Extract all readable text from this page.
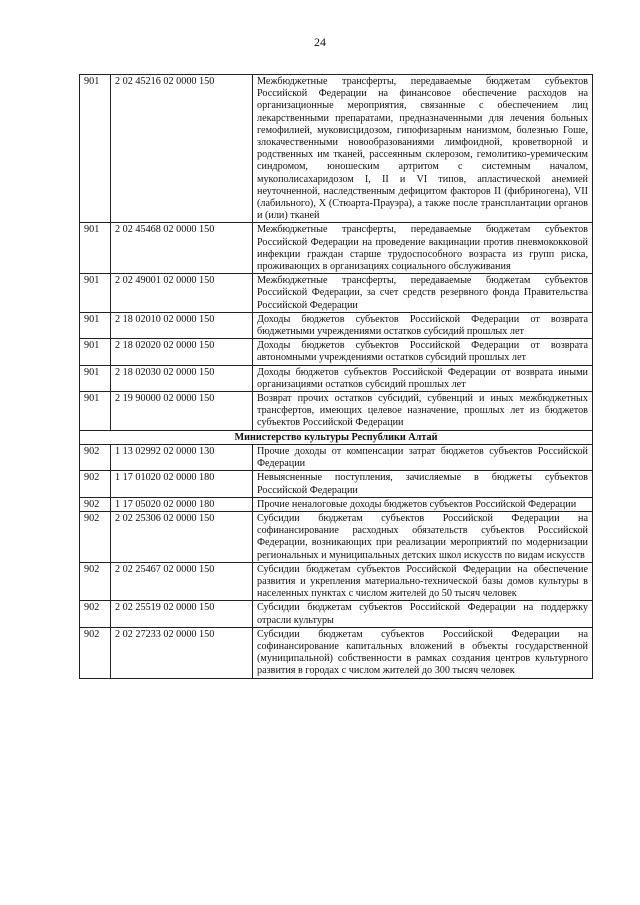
24
901	2 02 45216 02 0000 150	Межбюджетные трансферты, передаваемые бюджетам субъектов Российской Федерации на финансовое обеспечение расходов на организационные мероприятия, связанные с обеспечением лиц лекарственными препаратами, предназначенными для лечения больных гемофилией, муковисцидозом, гипофизарным нанизмом, болезнью Гоше, злокачественными новообразованиями лимфоидной, кроветворной и родственных им тканей, рассеянным склерозом, гемолитико-уремическим синдромом, юношеским артритом с системным началом, мукополисахаридозом I, II и VI типов, апластической анемией неуточненной, наследственным дефицитом факторов II (фибриногена), VII (лабильного), X (Стюарта-Прауэра), а также после трансплантации органов и (или) тканей
901	2 02 45468 02 0000 150	Межбюджетные трансферты, передаваемые бюджетам субъектов Российской Федерации на проведение вакцинации против пневмококковой инфекции граждан старше трудоспособного возраста из групп риска, проживающих в организациях социального обслуживания
901	2 02 49001 02 0000 150	Межбюджетные трансферты, передаваемые бюджетам субъектов Российской Федерации, за счет средств резервного фонда Правительства Российской Федерации
901	2 18 02010 02 0000 150	Доходы бюджетов субъектов Российской Федерации от возврата бюджетными учреждениями остатков субсидий прошлых лет
901	2 18 02020 02 0000 150	Доходы бюджетов субъектов Российской Федерации от возврата автономными учреждениями остатков субсидий прошлых лет
901	2 18 02030 02 0000 150	Доходы бюджетов субъектов Российской Федерации от возврата иными организациями остатков субсидий прошлых лет
901	2 19 90000 02 0000 150	Возврат прочих остатков субсидий, субвенций и иных межбюджетных трансфертов, имеющих целевое назначение, прошлых лет из бюджетов субъектов Российской Федерации
Министерство культуры Республики Алтай		
902	1 13 02992 02 0000 130	Прочие доходы от компенсации затрат бюджетов субъектов Российской Федерации
902	1 17 01020 02 0000 180	Невыясненные поступления, зачисляемые в бюджеты субъектов Российской Федерации
902	1 17 05020 02 0000 180	Прочие неналоговые доходы бюджетов субъектов Российской Федерации
902	2 02 25306 02 0000 150	Субсидии бюджетам субъектов Российской Федерации на софинансирование расходных обязательств субъектов Российской Федерации, возникающих при реализации мероприятий по модернизации региональных и муниципальных детских школ искусств по видам искусств
902	2 02 25467 02 0000 150	Субсидии бюджетам субъектов Российской Федерации на обеспечение развития и укрепления материально-технической базы домов культуры в населенных пунктах с числом жителей до 50 тысяч человек
902	2 02 25519 02 0000 150	Субсидии бюджетам субъектов Российской Федерации на поддержку отрасли культуры
902	2 02 27233 02 0000 150	Субсидии бюджетам субъектов Российской Федерации на софинансирование капитальных вложений в объекты государственной (муниципальной) собственности в рамках создания центров культурного развития в городах с числом жителей до 300 тысяч человек
